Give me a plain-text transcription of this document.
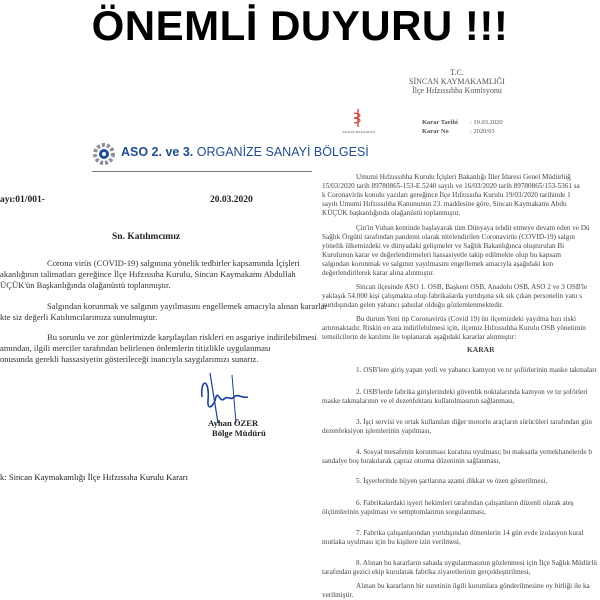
ÖNEMLİ DUYURU !!!
ASO 2. ve 3. ORGANİZE SANAYİ BÖLGESİ
ayı:01/001-	20.03.2020
Sn. Katılımcımız
Corona virüs (COVID-19) salgınına yönelik tedbirler kapsamında İçişleri
akanlığının talimatları gereğince İlçe Hıfzıssıha Kurulu, Sincan Kaymakamı Abdullah
ÜÇÜK'ün Başkanlığında olağanüstü toplanmıştır.
Salgından korunmak ve salgının yayılmasını engellemek amacıyla alınan kararlar
kte siz değerli Katılımcılarımıza sunulmuştur.
Bu sorunlu ve zor günlerimizde karşılaşılan riskleri en asgariye indirilebilmesi
amından, ilgili merciler tarafından belirlenen önlemlerin titizlikle uygulanması
onusunda gerekli hassasiyetin gösterileceği inancıyla saygılarımızı sunarız.
Ayhan ÖZER
Bölge Müdürü
k: Sincan Kaymakamlığı İlçe Hıfzıssıha Kurulu Kararı
T.C.
SİNCAN KAYMAKAMLIĞI
İlçe Hıfzıssıhha Komisyonu
SAĞLIK BAKANLIĞI
Karar Tarihi : 19.03.2020
Karar No	: 2020/03
Umumi Hıfzıssıhha Kurulu İçişleri Bakanlığı İller İdaresi Genel Müdürlüğ
15/03/2020 tarih 89780865-153-E.5240 sayılı ve 16/03/2020 tarih 89780865/153-5361 sa
k Coronavirüs konulu yazıları gereğince İlçe Hıfzıssıha Kurulu 19/03/2020 tarihinde 1
sayılı Umumi Hıfzıssıhha Kanununun 23. maddesine göre, Sincan Kaymakamı Abdu
KÜÇÜK başkanlığında olağanüstü toplanmıştır.
Çin'in Vuhan kentinde başlayarak tüm Dünyaya tehdit etmeye devam eden ve Dü
Sağlık Örgütü tarafından pandemi olarak nitelendirilen Coronavirüs (COVID-19) salgın
yönelik ülkemizdeki ve dünyadaki gelişmeler ve Sağlık Bakanlığınca oluşturulan Bi
Kurulunun karar ve değerlendirmeleri hassasiyetle takip edilmekte olup bu kapsam
salgından korunmak ve salgının yayılmasını engellemek amacıyla aşağıdaki kon
değerlendirilerek karar alına alınmıştır.
Sincan ilçesinde ASO 1. OSB, Başkent OSB, Anadolu OSB, ASO 2 ve 3 OSB'le
yaklaşık 54.000 kişi çalışmakta olup fabrikalarda yurtdışına sık sık çıkan personelin yanı s
yurtdışından gelen yabancı şahıslar olduğu gözlemlenmektedir.
Bu durum Yeni tip Coronavirüs (Covid 19) ün ilçemizdeki yayılma hızı riski
artırmaktadır. Riskin en aza indirilebilmesi için, ilçemiz Hıfzıssıhha Kurulu OSB yönetimin
temsilcilerin de katılımı ile toplanarak aşağıdaki kararlar alınmıştır:
KARAR
1. OSB'lere giriş yapan yerli ve yabancı kamyon ve tır şoförlerinin maske takmaları
2. OSB'lerde fabrika girişlerindeki güvenlik noktalarında kamyon ve tır şoförleri
maske takmalarının ve el dezenfektanı kullanılmasının sağlanması,
3. İşçi servisi ve ortak kullanılan diğer motorlu araçların sürücüleri tarafından gün
dezenfeksiyon işlemlerinin yapılması,
4. Sosyal mesafenin korunması kuralına uyulması; bu maksatla yemekhanelerde b
sandalye boş bırakılarak çapraz oturma düzeninin sağlanması,
5. İşyerlerinde hijyen şartlarına azami dikkat ve özen gösterilmesi,
6. Fabrikalardaki işyeri hekimleri tarafından çalışanların düzenli olarak ateş
ölçümlerinin yapılması ve semptomlarının sorgulanması,
7. Fabrika çalışanlarından yurtdışından dönenlerin 14 gün evde izolasyon kural
mutlaka uyulması için bu kişilere izin verilmesi,
8. Alınan bu kararların sahada uygulanmasının gözlenmesi için İlçe Sağlık Müdürlü
tarafından gezici ekip kurularak fabrika ziyaretlerinin gerçekleştirilmesi,
Alınan bu kararların bir suretinin ilgili kurumlara gönderilmesine oy birliği ile ka
verilmiştir.
